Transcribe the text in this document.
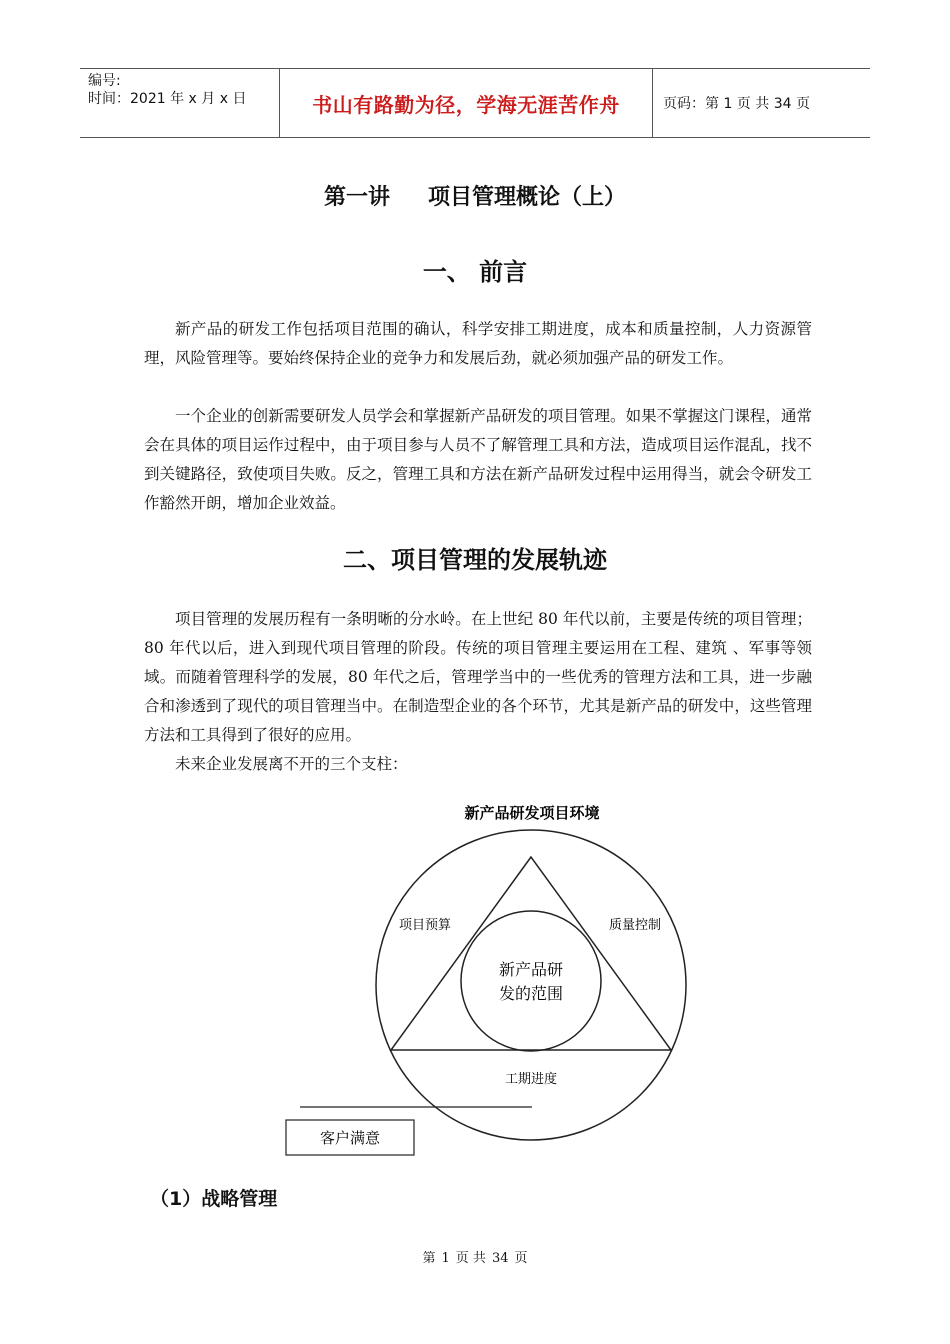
编号:
时间：2021 年 x 月 x 日	书山有路勤为径，学海无涯苦作舟	页码：第 1 页 共 34 页
第一讲 项目管理概论（上）
一、 前言

新产品的研发工作包括项目范围的确认，科学安排工期进度，成本和质量控制，人力资源管理，风险管理等。要始终保持企业的竞争力和发展后劲，就必须加强产品的研发工作。

一个企业的创新需要研发人员学会和掌握新产品研发的项目管理。如果不掌握这门课程，通常会在具体的项目运作过程中，由于项目参与人员不了解管理工具和方法，造成项目运作混乱，找不到关键路径，致使项目失败。反之，管理工具和方法在新产品研发过程中运用得当，就会令研发工作豁然开朗，增加企业效益。

二、项目管理的发展轨迹

项目管理的发展历程有一条明晰的分水岭。在上世纪 80 年代以前，主要是传统的项目管理；80 年代以后，进入到现代项目管理的阶段。传统的项目管理主要运用在工程、建筑 、军事等领域。而随着管理科学的发展，80 年代之后，管理学当中的一些优秀的管理方法和工具，进一步融合和渗透到了现代的项目管理当中。在制造型企业的各个环节，尤其是新产品的研发中，这些管理方法和工具得到了很好的应用。

未来企业发展离不开的三个支柱：

新产品研发项目环境
项目预算	质量控制
新产品研
发的范围
工期进度
客户满意
（1）战略管理
第 1 页 共 34 页
